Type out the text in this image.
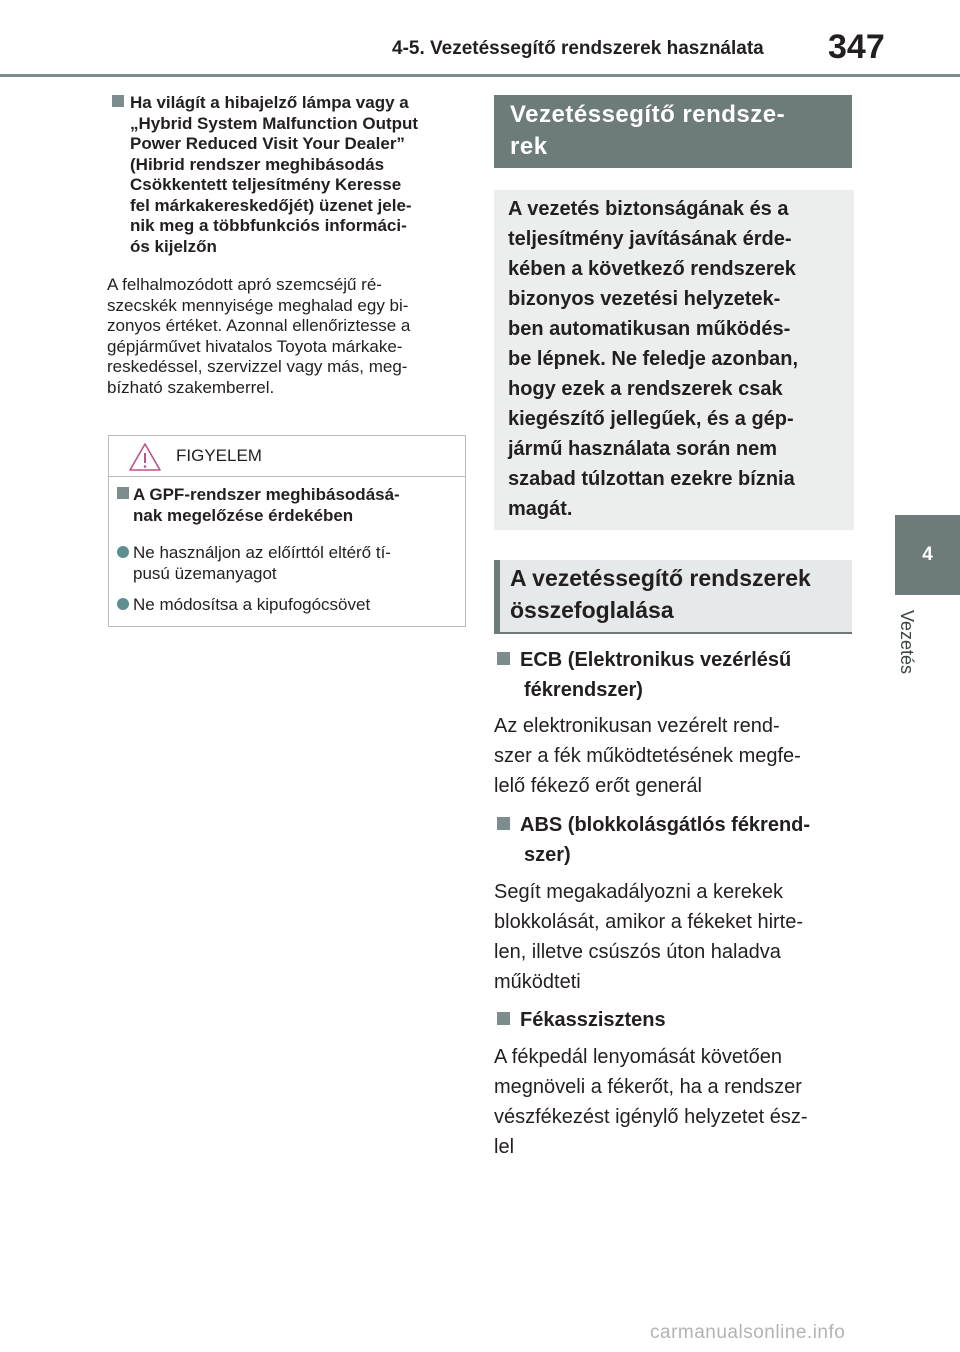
4-5. Vezetéssegítő rendszerek használata 347
4
Vezetés
Ha világít a hibajelző lámpa vagy a
„Hybrid System Malfunction Output
Power Reduced Visit Your Dealer”
(Hibrid rendszer meghibásodás
Csökkentett teljesítmény Keresse
fel márkakereskedőjét) üzenet jele-
nik meg a többfunkciós informáci-
ós kijelzőn
A felhalmozódott apró szemcséjű ré-
szecskék mennyisége meghalad egy bi-
zonyos értéket. Azonnal ellenőriztesse a
gépjárművet hivatalos Toyota márkake-
reskedéssel, szervizzel vagy más, meg-
bízható szakemberrel.
FIGYELEM
A GPF-rendszer meghibásodásá-
nak megelőzése érdekében
Ne használjon az előírttól eltérő tí-
pusú üzemanyagot
Ne módosítsa a kipufogócsövet
Vezetéssegítő rendsze-
rek
A vezetés biztonságának és a
teljesítmény javításának érde-
kében a következő rendszerek
bizonyos vezetési helyzetek-
ben automatikusan működés-
be lépnek. Ne feledje azonban,
hogy ezek a rendszerek csak
kiegészítő jellegűek, és a gép-
jármű használata során nem
szabad túlzottan ezekre bíznia
magát.
A vezetéssegítő rendszerek
összefoglalása
ECB (Elektronikus vezérlésű
fékrendszer)
Az elektronikusan vezérelt rend-
szer a fék működtetésének megfe-
lelő fékező erőt generál
ABS (blokkolásgátlós fékrend-
szer)
Segít megakadályozni a kerekek
blokkolását, amikor a fékeket hirte-
len, illetve csúszós úton haladva
működteti
Fékasszisztens
A fékpedál lenyomását követően
megnöveli a fékerőt, ha a rendszer
vészfékezést igénylő helyzetet ész-
lel
carmanualsonline.info
